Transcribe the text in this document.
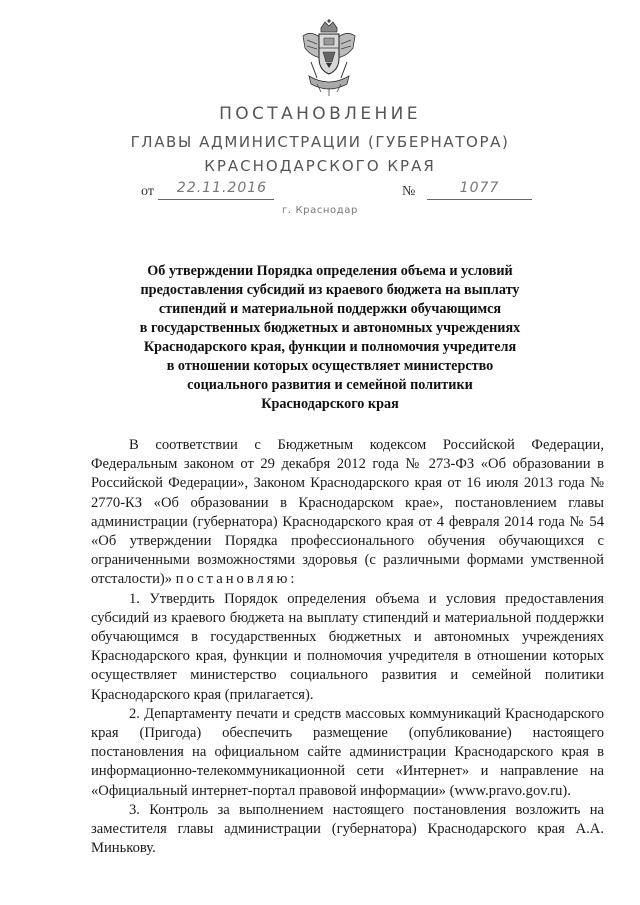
ПОСТАНОВЛЕНИЕ
ГЛАВЫ АДМИНИСТРАЦИИ (ГУБЕРНАТОРА)
КРАСНОДАРСКОГО КРАЯ
от	22.11.2016	№	1077
г. Краснодар
Об утверждении Порядка определения объема и условий
предоставления субсидий из краевого бюджета на выплату
стипендий и материальной поддержки обучающимся
в государственных бюджетных и автономных учреждениях
Краснодарского края, функции и полномочия учредителя
в отношении которых осуществляет министерство
социального развития и семейной политики
Краснодарского края
В соответствии с Бюджетным кодексом Российской Федерации, Федеральным законом от 29 декабря 2012 года № 273-ФЗ «Об образовании в Российской Федерации», Законом Краснодарского края от 16 июля 2013 года № 2770-КЗ «Об образовании в Краснодарском крае», постановлением главы администрации (губернатора) Краснодарского края от 4 февраля 2014 года № 54 «Об утверждении Порядка профессионального обучения обучающихся с ограниченными возможностями здоровья (с различными формами умственной отсталости)» постановляю:
1. Утвердить Порядок определения объема и условия предоставления субсидий из краевого бюджета на выплату стипендий и материальной поддержки обучающимся в государственных бюджетных и автономных учреждениях Краснодарского края, функции и полномочия учредителя в отношении которых осуществляет министерство социального развития и семейной политики Краснодарского края (прилагается).
2. Департаменту печати и средств массовых коммуникаций Краснодарского края (Пригода) обеспечить размещение (опубликование) настоящего постановления на официальном сайте администрации Краснодарского края в информационно-телекоммуникационной сети «Интернет» и направление на «Официальный интернет-портал правовой информации» (www.pravo.gov.ru).
3. Контроль за выполнением настоящего постановления возложить на заместителя главы администрации (губернатора) Краснодарского края А.А. Минькову.
